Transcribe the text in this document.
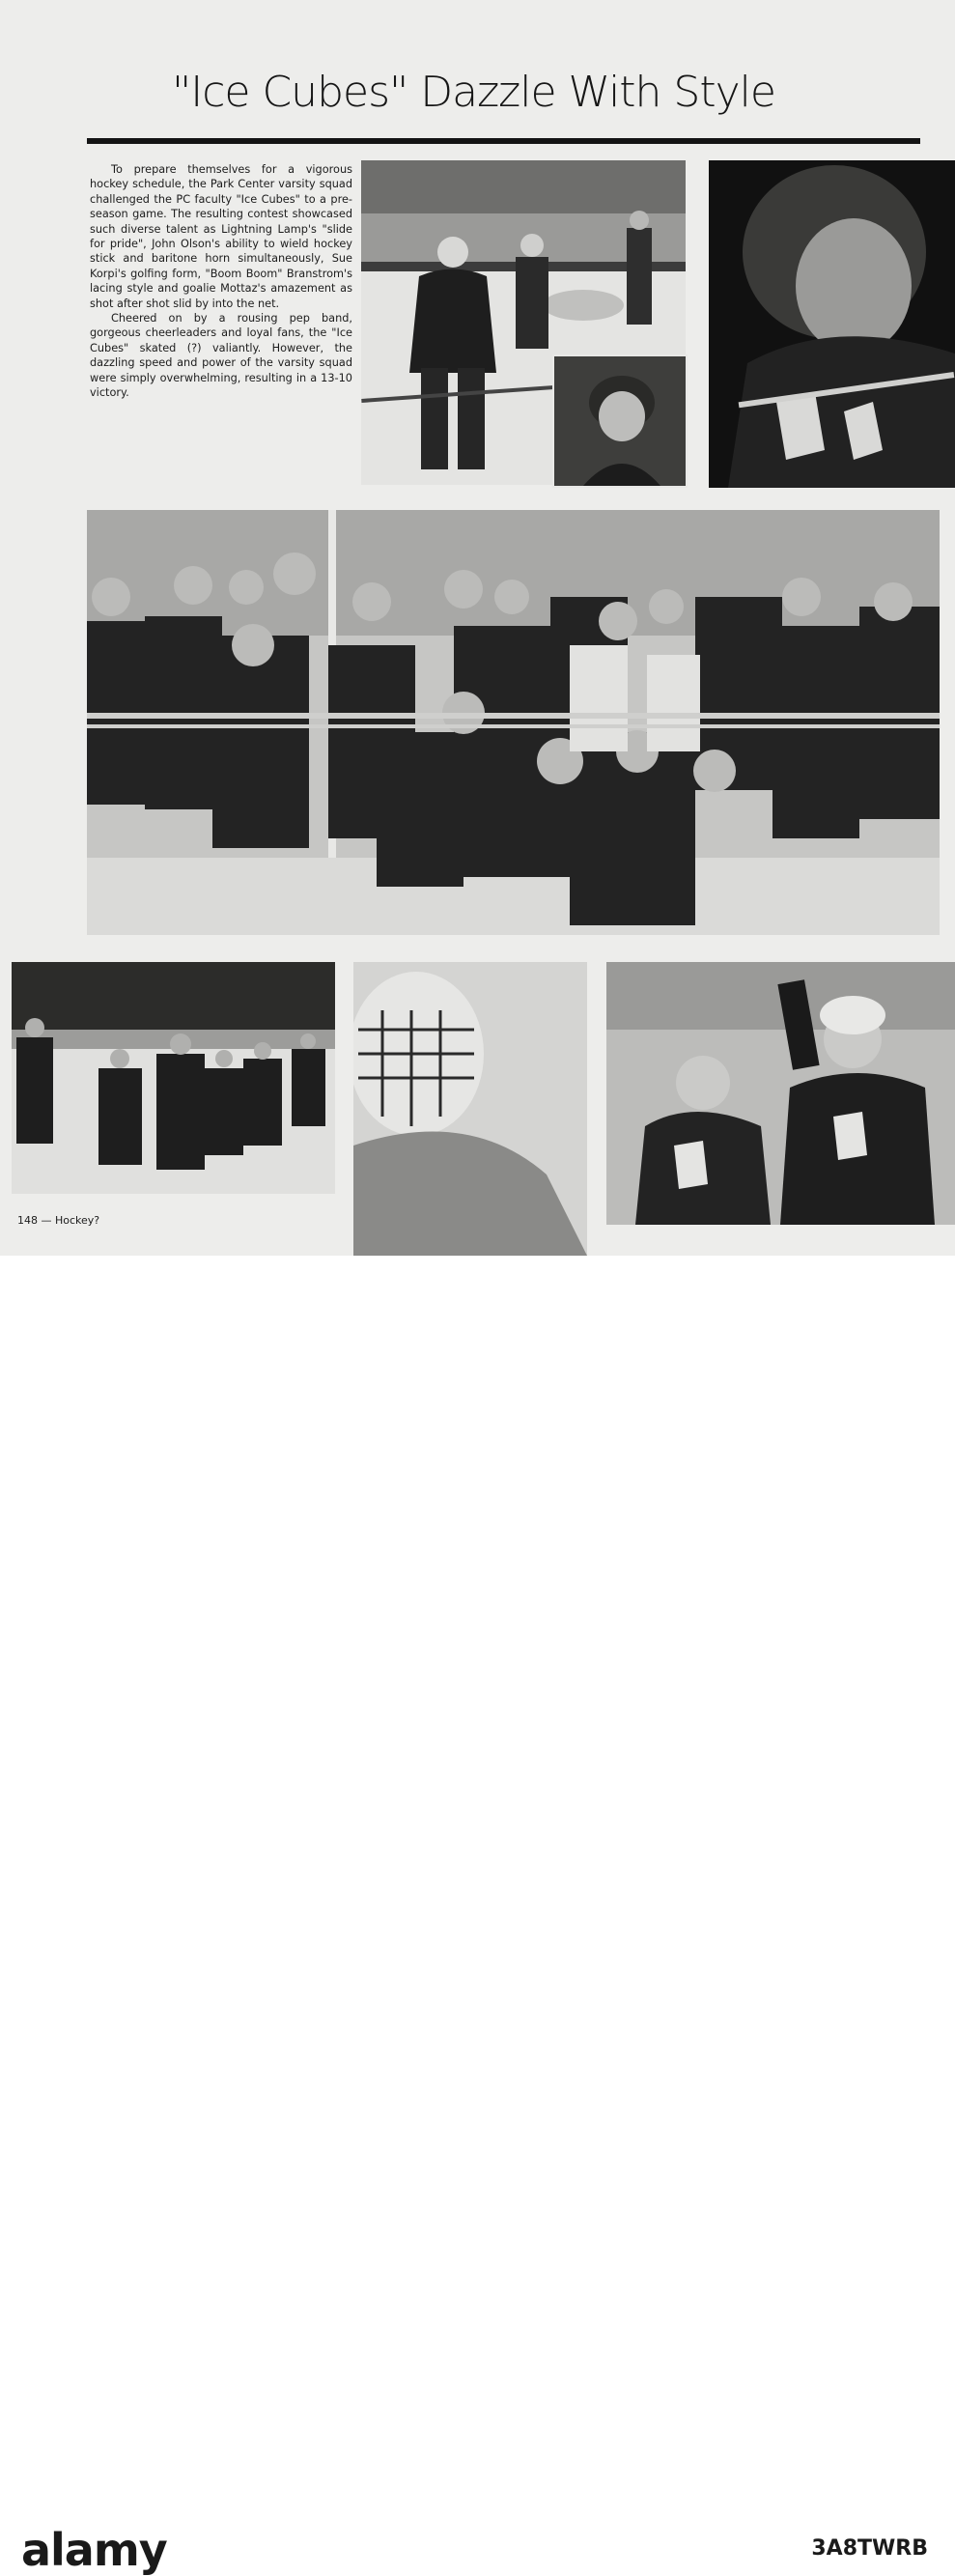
"Ice Cubes" Dazzle With Style

To prepare themselves for a vigorous hockey schedule, the Park Center varsity squad challenged the PC faculty "Ice Cubes" to a pre-season game. The resulting contest showcased such diverse talent as Lightning Lamp's "slide for pride", John Olson's ability to wield hockey stick and baritone horn simultaneously, Sue Korpi's golfing form, "Boom Boom" Branstrom's lacing style and goalie Mottaz's amazement as shot after shot slid by into the net.

Cheered on by a rousing pep band, gorgeous cheerleaders and loyal fans, the "Ice Cubes" skated (?) valiantly. However, the dazzling speed and power of the varsity squad were simply overwhelming, resulting in a 13-10 victory.

148 — Hockey?
alamy	3A8TWRB
